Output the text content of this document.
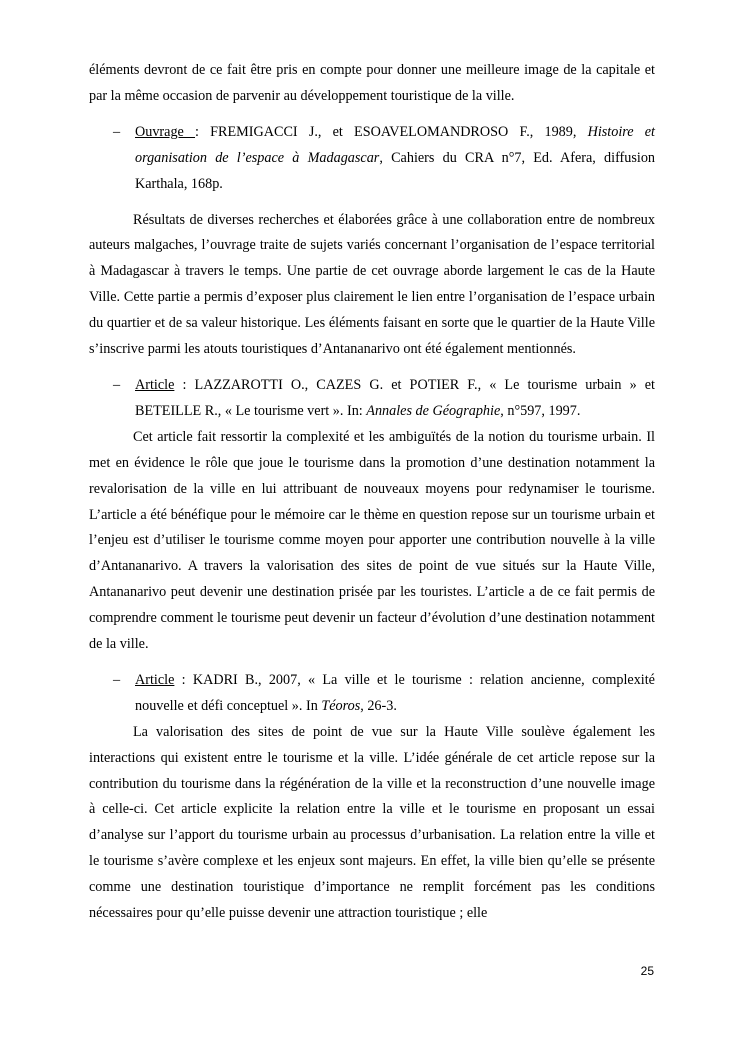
éléments devront de ce fait être pris en compte pour donner une meilleure image de la capitale et par la même occasion de parvenir au développement touristique de la ville.

– Ouvrage : FREMIGACCI J., et ESOAVELOMANDROSO F., 1989, Histoire et organisation de l’espace à Madagascar, Cahiers du CRA n°7, Ed. Afera, diffusion Karthala, 168p.

Résultats de diverses recherches et élaborées grâce à une collaboration entre de nombreux auteurs malgaches, l’ouvrage traite de sujets variés concernant l’organisation de l’espace territorial à Madagascar à travers le temps. Une partie de cet ouvrage aborde largement le cas de la Haute Ville. Cette partie a permis d’exposer plus clairement le lien entre l’organisation de l’espace urbain du quartier et de sa valeur historique. Les éléments faisant en sorte que le quartier de la Haute Ville s’inscrive parmi les atouts touristiques d’Antananarivo ont été également mentionnés.

– Article : LAZZAROTTI O., CAZES G. et POTIER F., « Le tourisme urbain » et BETEILLE R., « Le tourisme vert ». In: Annales de Géographie, n°597, 1997.

Cet article fait ressortir la complexité et les ambiguïtés de la notion du tourisme urbain. Il met en évidence le rôle que joue le tourisme dans la promotion d’une destination notamment la revalorisation de la ville en lui attribuant de nouveaux moyens pour redynamiser le tourisme. L’article a été bénéfique pour le mémoire car le thème en question repose sur un tourisme urbain et l’enjeu est d’utiliser le tourisme comme moyen pour apporter une contribution nouvelle à la ville d’Antananarivo. A travers la valorisation des sites de point de vue situés sur la Haute Ville, Antananarivo peut devenir une destination prisée par les touristes. L’article a de ce fait permis de comprendre comment le tourisme peut devenir un facteur d’évolution d’une destination notamment de la ville.

– Article : KADRI B., 2007, « La ville et le tourisme : relation ancienne, complexité nouvelle et défi conceptuel ». In Téoros, 26-3.

La valorisation des sites de point de vue sur la Haute Ville soulève également les interactions qui existent entre le tourisme et la ville. L’idée générale de cet article repose sur la contribution du tourisme dans la régénération de la ville et la reconstruction d’une nouvelle image à celle-ci. Cet article explicite la relation entre la ville et le tourisme en proposant un essai d’analyse sur l’apport du tourisme urbain au processus d’urbanisation. La relation entre la ville et le tourisme s’avère complexe et les enjeux sont majeurs. En effet, la ville bien qu’elle se présente comme une destination touristique d’importance ne remplit forcément pas les conditions nécessaires pour qu’elle puisse devenir une attraction touristique ; elle

25
